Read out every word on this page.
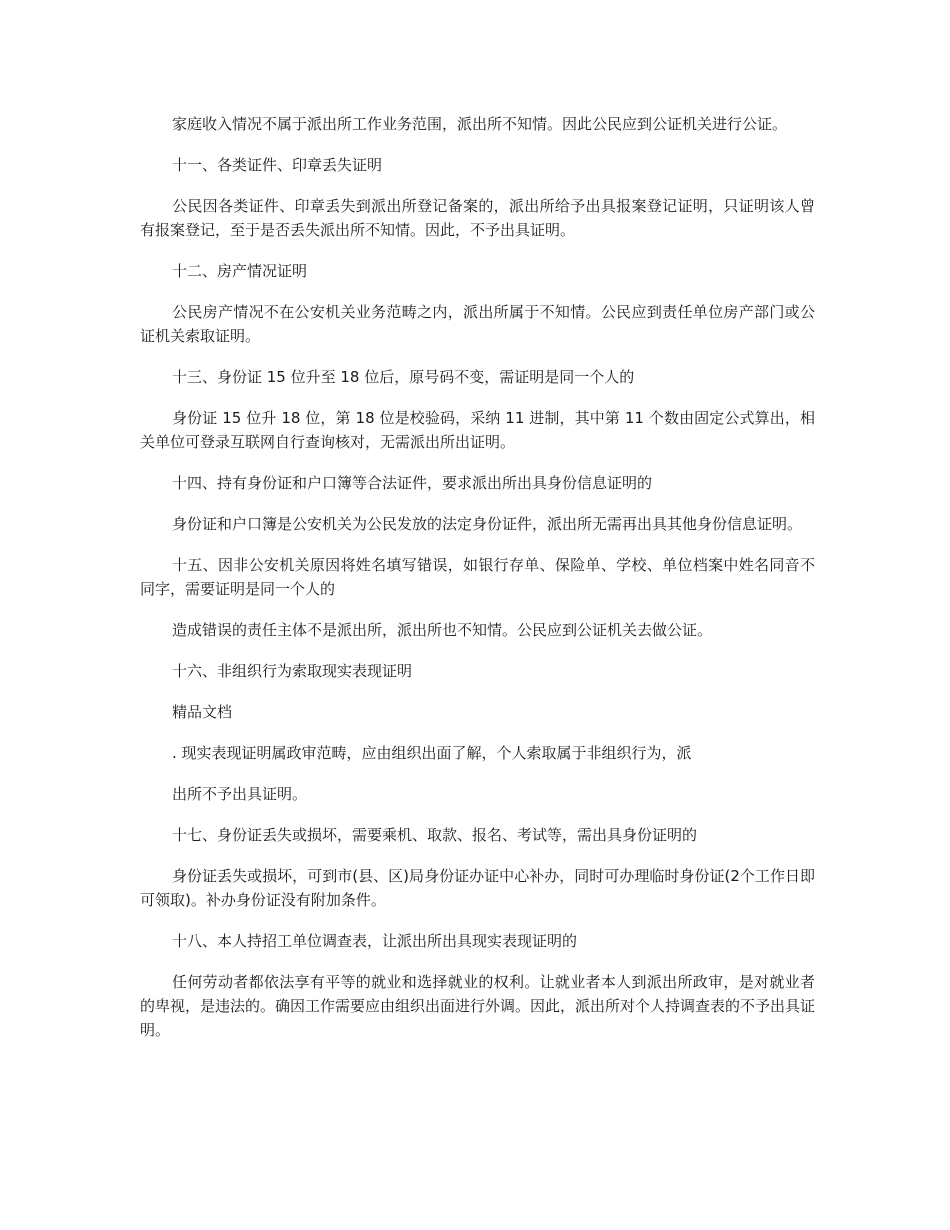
家庭收入情况不属于派出所工作业务范围，派出所不知情。因此公民应到公证机关进行公证。

十一、各类证件、印章丢失证明

公民因各类证件、印章丢失到派出所登记备案的，派出所给予出具报案登记证明，只证明该人曾有报案登记，至于是否丢失派出所不知情。因此，不予出具证明。

十二、房产情况证明

公民房产情况不在公安机关业务范畴之内，派出所属于不知情。公民应到责任单位房产部门或公证机关索取证明。

十三、身份证 15 位升至 18 位后，原号码不变，需证明是同一个人的

身份证 15 位升 18 位，第 18 位是校验码，采纳 11 进制，其中第 11 个数由固定公式算出，相关单位可登录互联网自行查询核对，无需派出所出证明。

十四、持有身份证和户口簿等合法证件，要求派出所出具身份信息证明的

身份证和户口簿是公安机关为公民发放的法定身份证件，派出所无需再出具其他身份信息证明。

十五、因非公安机关原因将姓名填写错误，如银行存单、保险单、学校、单位档案中姓名同音不同字，需要证明是同一个人的

造成错误的责任主体不是派出所，派出所也不知情。公民应到公证机关去做公证。

十六、非组织行为索取现实表现证明

精品文档

. 现实表现证明属政审范畴，应由组织出面了解，个人索取属于非组织行为，派

出所不予出具证明。

十七、身份证丢失或损坏，需要乘机、取款、报名、考试等，需出具身份证明的

身份证丢失或损坏，可到市(县、区)局身份证办证中心补办，同时可办理临时身份证(2个工作日即可领取)。补办身份证没有附加条件。

十八、本人持招工单位调查表，让派出所出具现实表现证明的

任何劳动者都依法享有平等的就业和选择就业的权利。让就业者本人到派出所政审，是对就业者的卑视，是违法的。确因工作需要应由组织出面进行外调。因此，派出所对个人持调查表的不予出具证明。
